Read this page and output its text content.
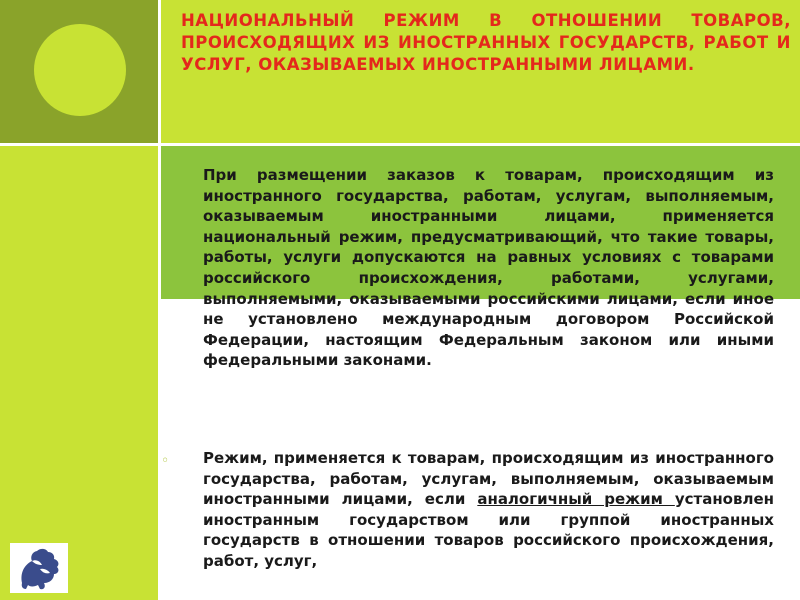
НАЦИОНАЛЬНЫЙ РЕЖИМ В ОТНОШЕНИИ ТОВАРОВ, ПРОИСХОДЯЩИХ ИЗ ИНОСТРАННЫХ ГОСУДАРСТВ, РАБОТ И УСЛУГ, ОКАЗЫВАЕМЫХ ИНОСТРАННЫМИ ЛИЦАМИ.

При размещении заказов к товарам, происходящим из иностранного государства, работам, услугам, выполняемым, оказываемым иностранными лицами, применяется национальный режим, предусматривающий, что такие товары, работы, услуги допускаются на равных условиях с товарами российского происхождения, работами, услугами, выполняемыми, оказываемыми российскими лицами, если иное не установлено международным договором Российской Федерации, настоящим Федеральным законом или иными федеральными законами.

◦ Режим, применяется к товарам, происходящим из иностранного государства, работам, услугам, выполняемым, оказываемым иностранными лицами, если аналогичный режим установлен иностранным государством или группой иностранных государств в отношении товаров российского происхождения, работ, услуг,
